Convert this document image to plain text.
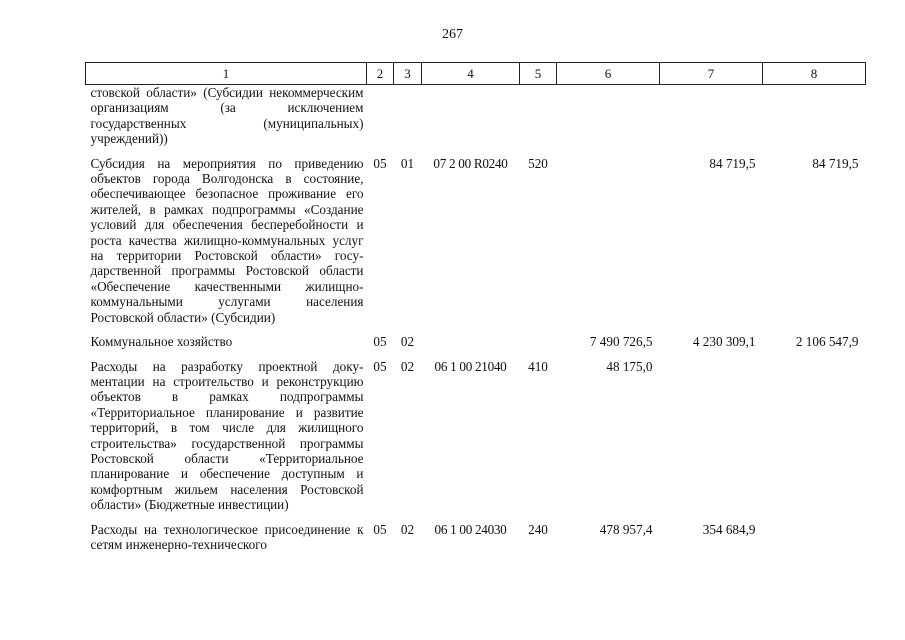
267
1	2	3	4	5	6	7	8
стовской области» (Субсидии некоммерческим организациям (за исключением государственных (муниципальных) учреждений))							
Субсидия на мероприятия по приведению объектов города Волгодонска в состояние, обеспечивающее безопасное проживание его жителей, в рамках подпрограммы «Создание условий для обеспечения бесперебойности и роста качества жилищно-коммунальных услуг на территории Ростовской области» государственной программы Ростовской области «Обеспечение качественными жилищно-коммунальными услугами населения Ростовской области» (Субсидии)	05	01	07 2 00 R0240	520		84 719,5	84 719,5
Коммунальное хозяйство	05	02			7 490 726,5	4 230 309,1	2 106 547,9
Расходы на разработку проектной документации на строительство и реконструкцию объектов в рамках подпрограммы «Территориальное планирование и развитие территорий, в том числе для жилищного строительства» государственной программы Ростовской области «Территориальное планирование и обеспечение доступным и комфортным жильем населения Ростовской области» (Бюджетные инвестиции)	05	02	06 1 00 21040	410	48 175,0		
Расходы на технологическое присоединение к сетям инженерно-технического	05	02	06 1 00 24030	240	478 957,4	354 684,9	
